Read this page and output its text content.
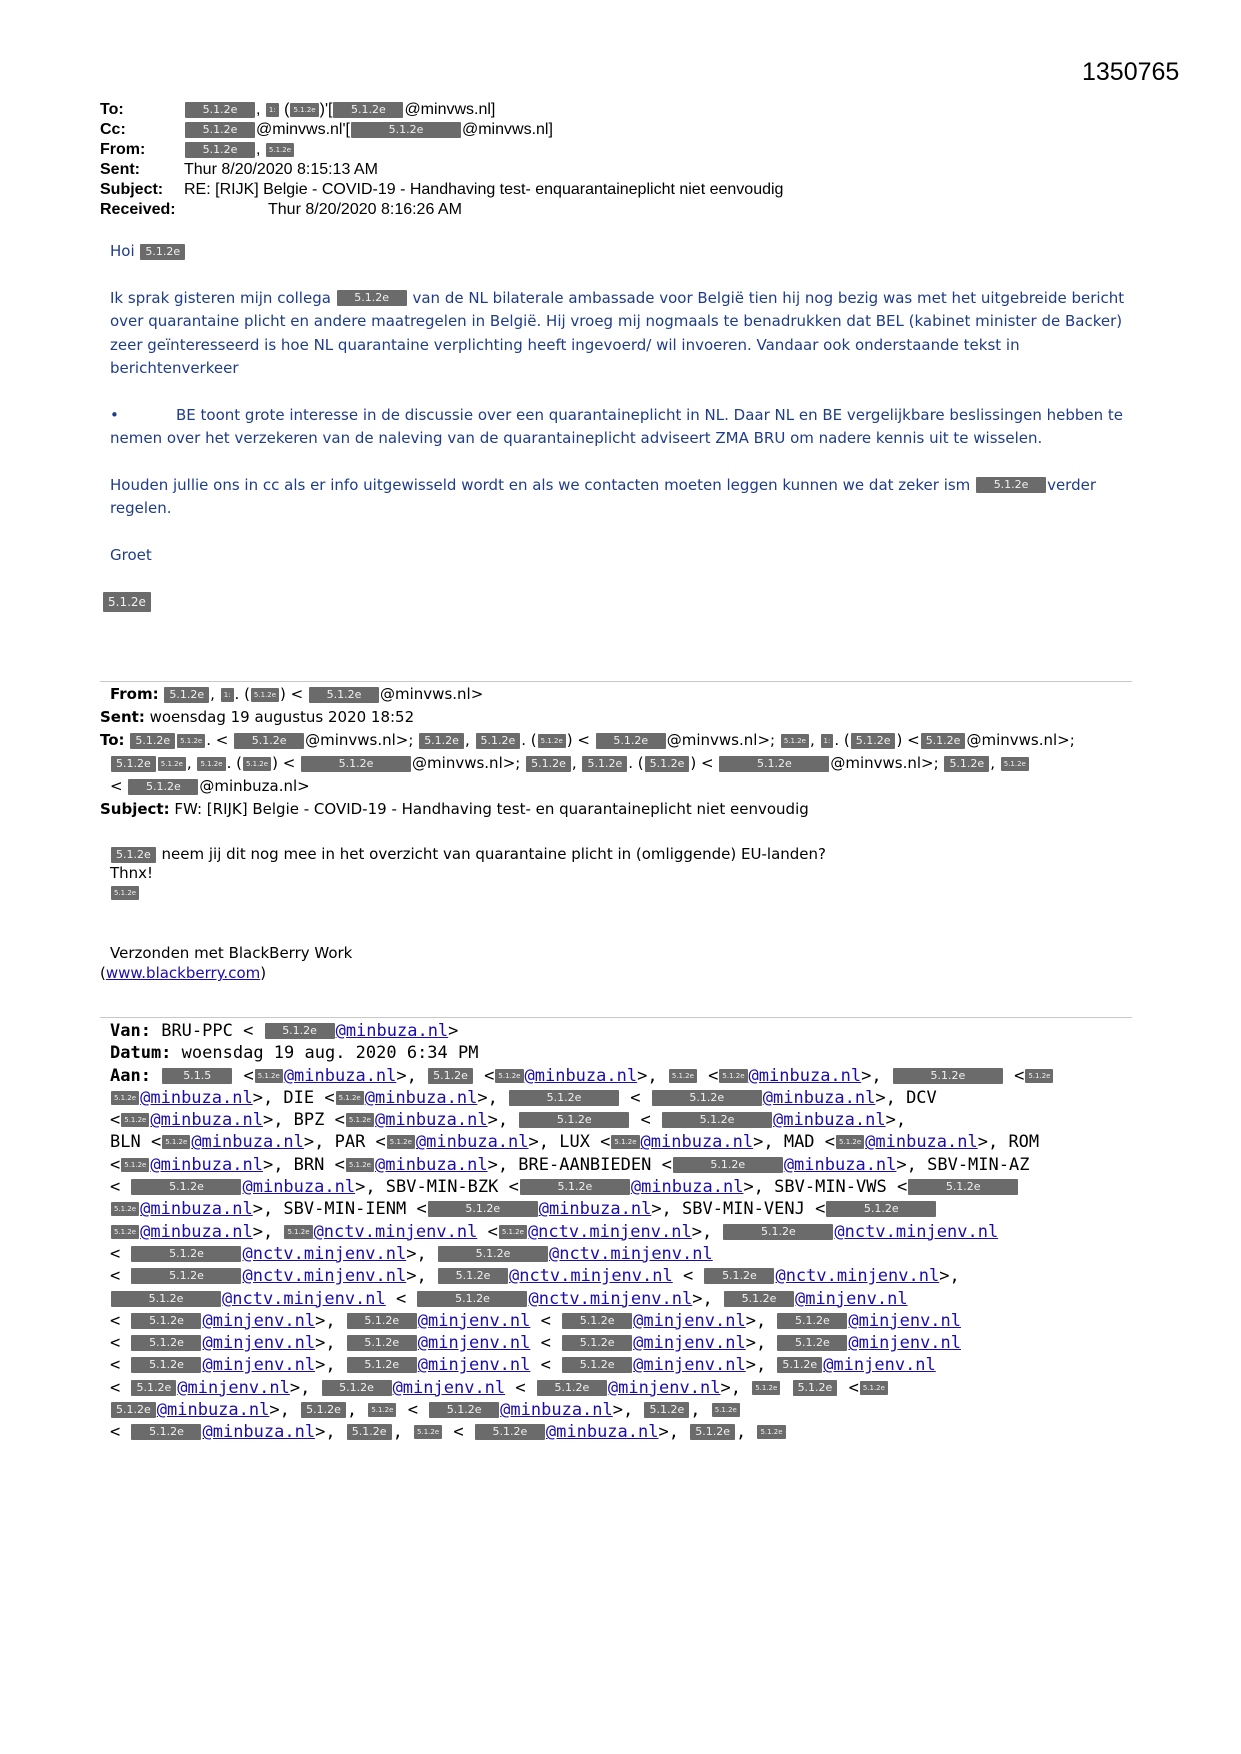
1350765
To:	5.1.2e , 1: ( 5.1.2e )'[ 5.1.2e @minvws.nl]
Cc:	5.1.2e @minvws.nl'[	5.1.2e @minvws.nl]
From:	5.1.2e , 5.1.2e
Sent:	Thur 8/20/2020 8:15:13 AM
Subject:	RE: [RIJK] Belgie - COVID-19 - Handhaving test- enquarantaineplicht niet eenvoudig
Received:	Thur 8/20/2020 8:16:26 AM

Hoi 5.1.2e

Ik sprak gisteren mijn collega 5.1.2e van de NL bilaterale ambassade voor België tien hij nog bezig was met het uitgebreide bericht over quarantaine plicht en andere maatregelen in België. Hij vroeg mij nogmaals te benadrukken dat BEL (kabinet minister de Backer) zeer geïnteresseerd is hoe NL quarantaine verplichting heeft ingevoerd/ wil invoeren. Vandaar ook onderstaande tekst in berichtenverkeer

•	BE toont grote interesse in de discussie over een quarantaineplicht in NL. Daar NL en BE vergelijkbare beslissingen hebben te nemen over het verzekeren van de naleving van de quarantaineplicht adviseert ZMA BRU om nadere kennis uit te wisselen.

Houden jullie ons in cc als er info uitgewisseld wordt en als we contacten moeten leggen kunnen we dat zeker ism 5.1.2e verder regelen.

Groet

5.1.2e
From: 5.1.2e , 1: . ( 5.1.2e ) < 5.1.2e @minvws.nl>
Sent: woensdag 19 augustus 2020 18:52
To: 5.1.2e 5.1.2e . < 5.1.2e @minvws.nl>; 5.1.2e , 5.1.2e . ( 5.1.2e ) < 5.1.2e @minvws.nl>; 5.1.2e , 1: . ( 5.1.2e ) < 5.1.2e @minvws.nl>;
5.1.2e 5.1.2e , 5.1.2e . ( 5.1.2e ) <	5.1.2e	@minvws.nl>; 5.1.2e , 5.1.2e . ( 5.1.2e ) <	5.1.2e	@minvws.nl>; 5.1.2e , 5.1.2e
< 5.1.2e @minbuza.nl>
Subject: FW: [RIJK] Belgie - COVID-19 - Handhaving test- en quarantaineplicht niet eenvoudig
5.1.2e neem jij dit nog mee in het overzicht van quarantaine plicht in (omliggende) EU-landen?
Thnx!
5.1.2e
Verzonden met BlackBerry Work
(www.blackberry.com)
Van: BRU-PPC <	5.1.2e @minbuza.nl>
Datum: woensdag 19 aug. 2020 6:34 PM
Aan:	5.1.5 < 5.1.2e @minbuza.nl>, 5.1.2e < 5.1.2e @minbuza.nl>, 5.1.2e < 5.1.2e @minbuza.nl>,	5.1.2e < 5.1.2e
5.1.2e @minbuza.nl>, DIE < 5.1.2e @minbuza.nl>,	5.1.2e <	5.1.2e @minbuza.nl>, DCV
< 5.1.2e @minbuza.nl>, BPZ < 5.1.2e @minbuza.nl>,	5.1.2e <	5.1.2e @minbuza.nl>,
BLN < 5.1.2e @minbuza.nl>, PAR < 5.1.2e @minbuza.nl>, LUX < 5.1.2e @minbuza.nl>, MAD < 5.1.2e @minbuza.nl>, ROM
< 5.1.2e @minbuza.nl>, BRN < 5.1.2e @minbuza.nl>, BRE-AANBIEDEN <	5.1.2e @minbuza.nl>, SBV-MIN-AZ
<	5.1.2e @minbuza.nl>, SBV-MIN-BZK <	5.1.2e @minbuza.nl>, SBV-MIN-VWS <	5.1.2e
5.1.2e @minbuza.nl>, SBV-MIN-IENM <	5.1.2e @minbuza.nl>, SBV-MIN-VENJ <	5.1.2e
5.1.2e @minbuza.nl>, 5.1.2e @nctv.minjenv.nl < 5.1.2e @nctv.minjenv.nl>,	5.1.2e @nctv.minjenv.nl
<	5.1.2e @nctv.minjenv.nl>,	5.1.2e @nctv.minjenv.nl
<	5.1.2e @nctv.minjenv.nl>, 5.1.2e @nctv.minjenv.nl < 5.1.2e @nctv.minjenv.nl>,
5.1.2e @nctv.minjenv.nl <	5.1.2e @nctv.minjenv.nl>, 5.1.2e @minjenv.nl
< 5.1.2e @minjenv.nl>, 5.1.2e @minjenv.nl < 5.1.2e @minjenv.nl>, 5.1.2e @minjenv.nl
< 5.1.2e @minjenv.nl>, 5.1.2e @minjenv.nl < 5.1.2e @minjenv.nl>, 5.1.2e @minjenv.nl
< 5.1.2e @minjenv.nl>, 5.1.2e @minjenv.nl < 5.1.2e @minjenv.nl>, 5.1.2e @minjenv.nl
< 5.1.2e @minjenv.nl>, 5.1.2e @minjenv.nl < 5.1.2e @minjenv.nl>, 5.1.2e 5.1.2e < 5.1.2e
5.1.2e @minbuza.nl>, 5.1.2e , 5.1.2e < 5.1.2e @minbuza.nl>, 5.1.2e , 5.1.2e
< 5.1.2e @minbuza.nl>, 5.1.2e , 5.1.2e < 5.1.2e @minbuza.nl>, 5.1.2e , 5.1.2e
